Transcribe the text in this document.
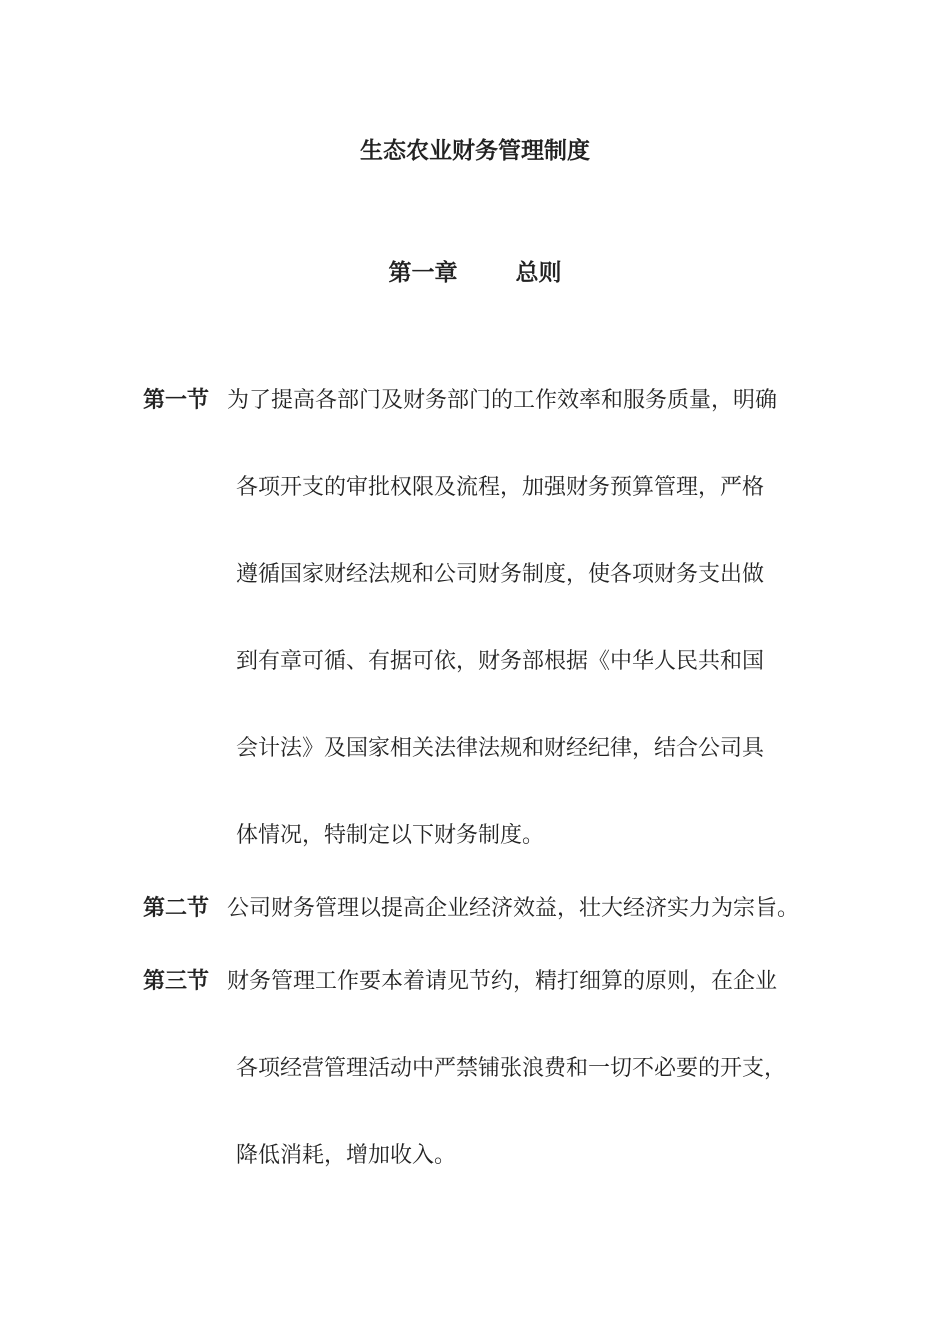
生态农业财务管理制度
第一章	总则
第一节 为了提高各部门及财务部门的工作效率和服务质量，明确
各项开支的审批权限及流程，加强财务预算管理，严格
遵循国家财经法规和公司财务制度，使各项财务支出做
到有章可循、有据可依，财务部根据《中华人民共和国
会计法》及国家相关法律法规和财经纪律，结合公司具
体情况，特制定以下财务制度。
第二节 公司财务管理以提高企业经济效益，壮大经济实力为宗旨。
第三节 财务管理工作要本着请见节约，精打细算的原则，在企业
各项经营管理活动中严禁铺张浪费和一切不必要的开支，
降低消耗，增加收入。
